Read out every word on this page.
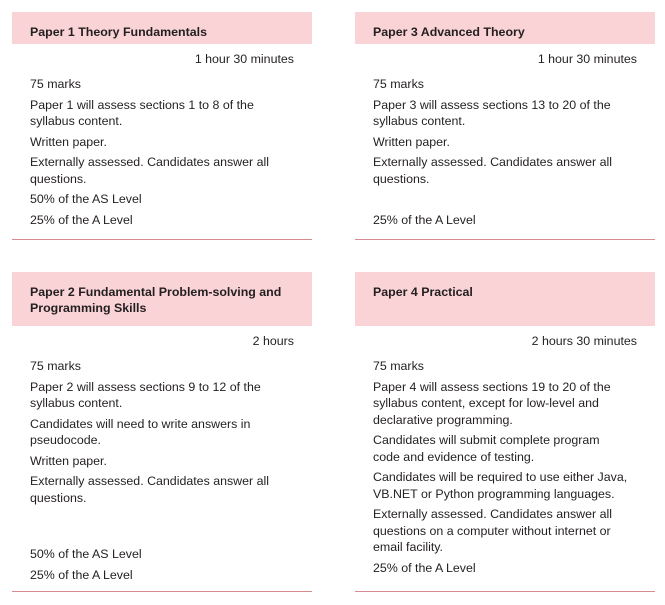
Paper 1 Theory Fundamentals
1 hour 30 minutes
75 marks
Paper 1 will assess sections 1 to 8 of the syllabus content.
Written paper.
Externally assessed. Candidates answer all questions.
50% of the AS Level
25% of the A Level
Paper 3 Advanced Theory
1 hour 30 minutes
75 marks
Paper 3 will assess sections 13 to 20 of the syllabus content.
Written paper.
Externally assessed. Candidates answer all questions.
25% of the A Level
Paper 2 Fundamental Problem-solving and Programming Skills
2 hours
75 marks
Paper 2 will assess sections 9 to 12 of the syllabus content.
Candidates will need to write answers in pseudocode.
Written paper.
Externally assessed. Candidates answer all questions.
50% of the AS Level
25% of the A Level
Paper 4 Practical
2 hours 30 minutes
75 marks
Paper 4 will assess sections 19 to 20 of the syllabus content, except for low-level and declarative programming.
Candidates will submit complete program code and evidence of testing.
Candidates will be required to use either Java, VB.NET or Python programming languages.
Externally assessed. Candidates answer all questions on a computer without internet or email facility.
25% of the A Level
